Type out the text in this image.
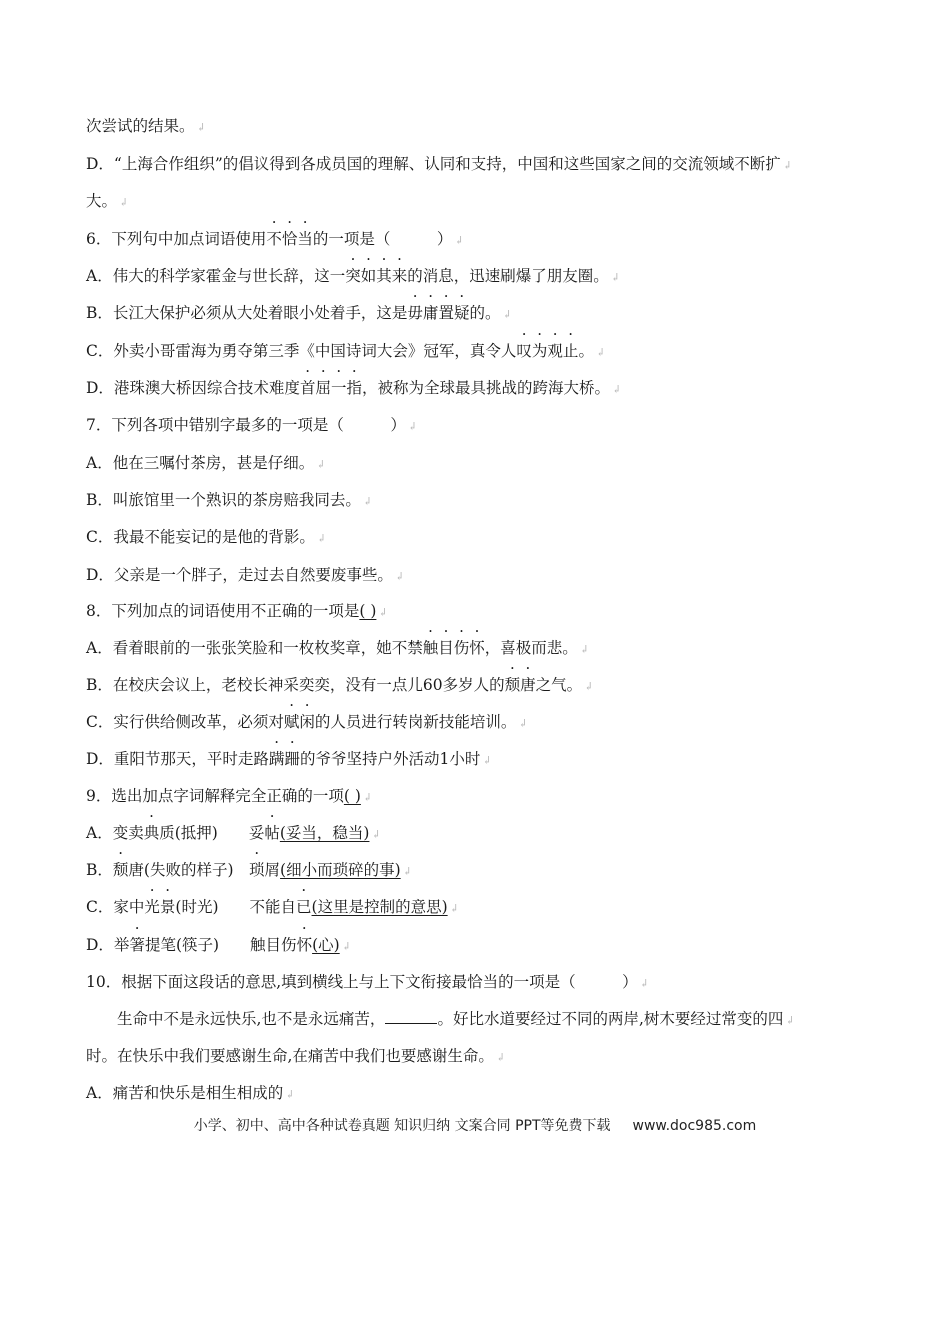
次尝试的结果。 ↲
D．“上海合作组织”的倡议得到各成员国的理解、认同和支持，中国和这些国家之间的交流领域不断扩 ↲
大。 ↲
6．下列句中加点词语使用不恰当的一项是（　　　） ↲
A．伟大的科学家霍金与世长辞，这一突如其来的消息，迅速刷爆了朋友圈。 ↲
B．长江大保护必须从大处着眼小处着手，这是毋庸置疑的。 ↲
C．外卖小哥雷海为勇夺第三季《中国诗词大会》冠军，真令人叹为观止。 ↲
D．港珠澳大桥因综合技术难度首屈一指，被称为全球最具挑战的跨海大桥。 ↲
7．下列各项中错别字最多的一项是（　　　） ↲
A．他在三嘱付茶房，甚是仔细。 ↲
B．叫旅馆里一个熟识的茶房赔我同去。 ↲
C．我最不能妄记的是他的背影。 ↲
D．父亲是一个胖子，走过去自然要废事些。 ↲
8．下列加点的词语使用不正确的一项是( ) ↲
A．看着眼前的一张张笑脸和一枚枚奖章，她不禁触目伤怀，喜极而悲。 ↲
B．在校庆会议上，老校长神采奕奕，没有一点儿60多岁人的颓唐之气。 ↲
C．实行供给侧改革，必须对赋闲的人员进行转岗新技能培训。 ↲
D．重阳节那天，平时走路蹒跚的爷爷坚持户外活动1小时 ↲
9．选出加点字词解释完全正确的一项( ) ↲
A．变卖典质(抵押)　　妥帖(妥当，稳当) ↲
B．颓唐(失败的样子)　琐屑(细小而琐碎的事) ↲
C．家中光景(时光)　　不能自已(这里是控制的意思) ↲
D．举箸提笔(筷子)　　触目伤怀(心) ↲
10．根据下面这段话的意思,填到横线上与上下文衔接最恰当的一项是（　　　） ↲
　　生命中不是永远快乐,也不是永远痛苦，	。好比水道要经过不同的两岸,树木要经过常变的四 ↲
时。在快乐中我们要感谢生命,在痛苦中我们也要感谢生命。 ↲
A．痛苦和快乐是相生相成的 ↲
小学、初中、高中各种试卷真题 知识归纳 文案合同 PPT等免费下载 www.doc985.com
